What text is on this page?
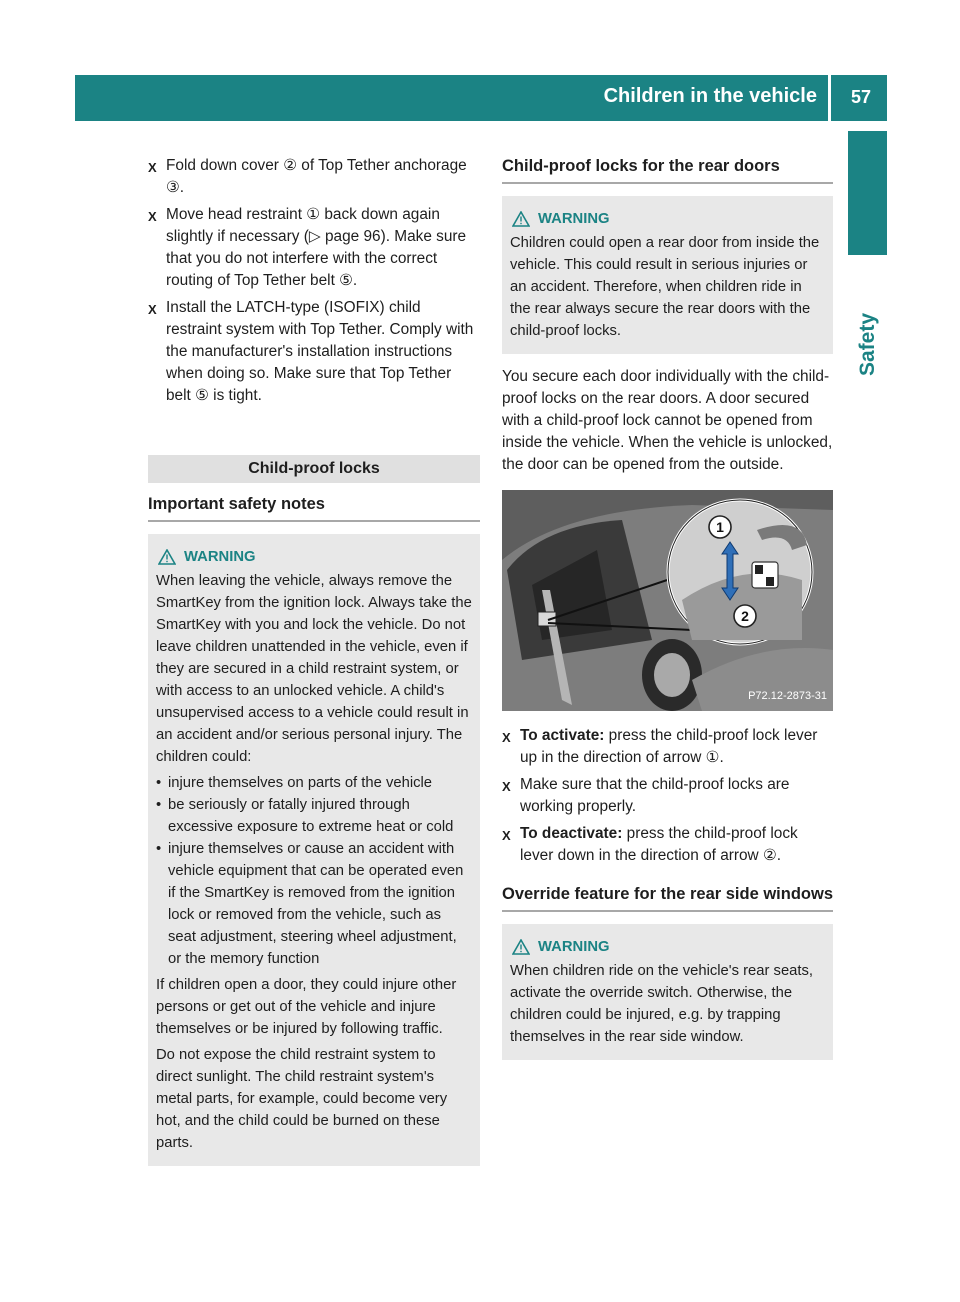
Children in the vehicle	57
Safety
X Fold down cover ② of Top Tether anchorage ③.
X Move head restraint ① back down again slightly if necessary (▷ page 96). Make sure that you do not interfere with the correct routing of Top Tether belt ⑤.
X Install the LATCH-type (ISOFIX) child restraint system with Top Tether. Comply with the manufacturer's installation instructions when doing so. Make sure that Top Tether belt ⑤ is tight.
Child-proof locks
Important safety notes
WARNING

When leaving the vehicle, always remove the SmartKey from the ignition lock. Always take the SmartKey with you and lock the vehicle. Do not leave children unattended in the vehicle, even if they are secured in a child restraint system, or with access to an unlocked vehicle. A child's unsupervised access to a vehicle could result in an accident and/or serious personal injury. The children could:

• injure themselves on parts of the vehicle
• be seriously or fatally injured through excessive exposure to extreme heat or cold
• injure themselves or cause an accident with vehicle equipment that can be operated even if the SmartKey is removed from the ignition lock or removed from the vehicle, such as seat adjustment, steering wheel adjustment, or the memory function

If children open a door, they could injure other persons or get out of the vehicle and injure themselves or be injured by following traffic.

Do not expose the child restraint system to direct sunlight. The child restraint system's metal parts, for example, could become very hot, and the child could be burned on these parts.

Child-proof locks for the rear doors
WARNING

Children could open a rear door from inside the vehicle. This could result in serious injuries or an accident. Therefore, when children ride in the rear always secure the rear doors with the child-proof locks.

You secure each door individually with the child-proof locks on the rear doors. A door secured with a child-proof lock cannot be opened from inside the vehicle. When the vehicle is unlocked, the door can be opened from the outside.

1
2
P72.12-2873-31
X To activate: press the child-proof lock lever up in the direction of arrow ①.
X Make sure that the child-proof locks are working properly.
X To deactivate: press the child-proof lock lever down in the direction of arrow ②.
Override feature for the rear side windows
WARNING

When children ride on the vehicle's rear seats, activate the override switch. Otherwise, the children could be injured, e.g. by trapping themselves in the rear side window.
